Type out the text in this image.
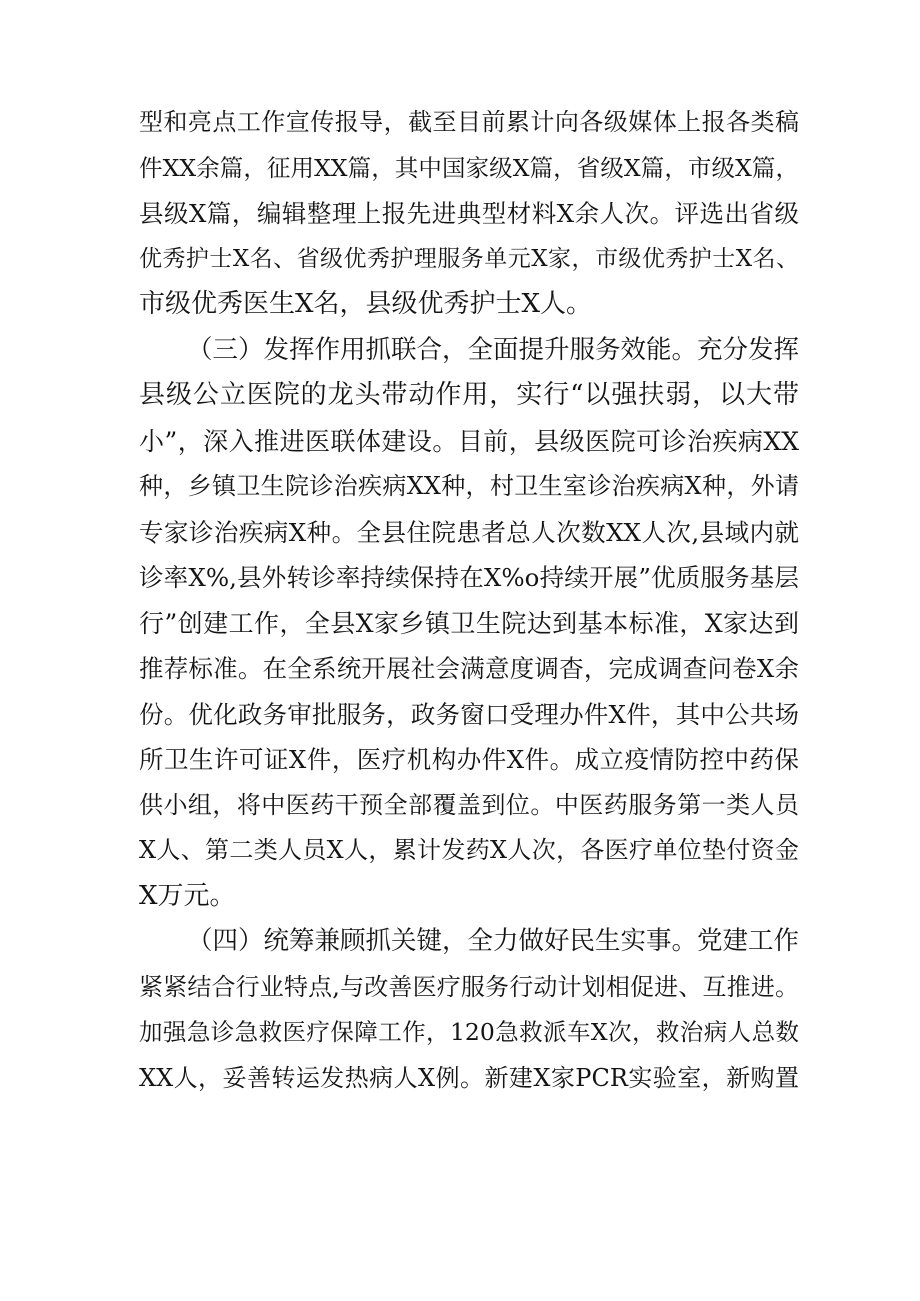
型和亮点工作宣传报导，截至目前累计向各级媒体上报各类稿
件XX余篇，征用XX篇，其中国家级X篇，省级X篇，市级X篇，
县级X篇，编辑整理上报先进典型材料X余人次。评选出省级
优秀护士X名、省级优秀护理服务单元X家，市级优秀护士X名、
市级优秀医生X名，县级优秀护士X人。
（三）发挥作用抓联合，全面提升服务效能。充分发挥
县级公立医院的龙头带动作用，实行“以强扶弱，以大带
小”，深入推进医联体建设。目前，县级医院可诊治疾病XX
种，乡镇卫生院诊治疾病XX种，村卫生室诊治疾病X种，外请
专家诊治疾病X种。全县住院患者总人次数XX人次,县域内就
诊率X%,县外转诊率持续保持在X%o持续开展”优质服务基层
行”创建工作，全县X家乡镇卫生院达到基本标准，X家达到
推荐标准。在全系统开展社会满意度调杳，完成调查问卷X余
份。优化政务审批服务，政务窗口受理办件X件，其中公共场
所卫生许可证X件，医疗机构办件X件。成立疫情防控中药保
供小组，将中医药干预全部覆盖到位。中医药服务第一类人员
X人、第二类人员X人，累计发药X人次，各医疗单位垫付资金
X万元。
（四）统筹兼顾抓关键，全力做好民生实事。党建工作
紧紧结合行业特点,与改善医疗服务行动计划相促进、互推进。
加强急诊急救医疗保障工作，120急救派车X次，救治病人总数
XX人，妥善转运发热病人X例。新建X家PCR实验室，新购置
